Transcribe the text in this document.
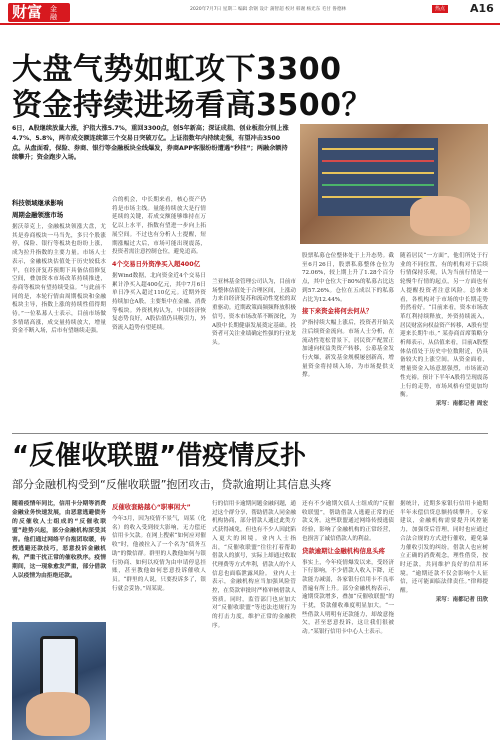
财富 金融
2020年7月7日 星期二 编辑 余钢 设计 蒲智超 校对 韩谢 杨光东 毛甘 鲁德林	热点 A16
大盘气势如虹攻下3300
资金持续进场看高3500？
6日，A股继续放量大涨，沪指大涨5.7%，重回3300点，创5年新高；深证成指、创业板指分别上涨4.7%、5.8%，两市成交额连续第三个交易日突破万亿。上证指数年内持续走强，有望冲击3500点。从盘面看，保险、券商、银行等金融板块全线爆发，券商APP客服纷纷遭遇“秒挂”；两融余额持续攀升；资金跑步入场。
科技领域继承影响
周期金融领涨市场
据沃蒂克上，金融板块领涨大盘，尤其是券商板块一马当先，多只个股涨停，保险、银行等板块也纷纷上涨，成为拉升指数的主要力量。市场人士表示，金融板块估值处于历史较低水平，在经济复苏预期下具备估值修复空间，叠加资本市场改革持续推进，券商等板块有望持续受益。“与此前不同的是，本轮行情由周期板块和金融板块主导，指数上涨的持续性值得期待。”一位私募人士表示，目前市场做多情绪高涨，成交量持续放大，增量资金不断入场，后市有望继续走强。
合的机会，中长期来看，核心资产仍将是市场主线。量能持续放大是行情延续的关键，若成交额能够维持在万亿以上水平，指数有望进一步向上拓展空间。不过也有分析人士提醒，短期涨幅过大后，市场可能出现震荡，投资者需注意控制仓位，避免追高。
4个交易日外资净买入超400亿
据Wind数据，北向资金近4个交易日累计净买入超400亿元，其中7月6日单日净买入超过110亿元。近期外资持续加仓A股，主要集中在金融、消费等板块。外资机构认为，中国经济恢复态势良好，A股估值仍具吸引力，外资流入趋势有望延续。
兰亚林基金管理公司认为，目前市场整体估值处于合理区间，上涨动力来自经济复苏和流动性宽松的双重驱动。近期政策面频频释放积极信号，资本市场改革不断深化，为A股中长期健康发展奠定基础。投资者可关注业绩确定性强的行业龙头。
股票私募仓位整体处于上升态势。截至6月26日，股票私募整体仓位为72.06%，较上期上升了1.28个百分点，其中仓位大于80%的私募占比达到57.26%。仓位在五成以下的私募占比为12.44%。
接下来资金将何去何从？
沪指持续大幅上涨后，投资者开始关注后续资金流向。市场人士分析，在流动性宽松背景下，居民资产配置正加速向权益类资产转移，公募基金发行火爆，新发基金规模屡创新高，增量资金将持续入场，为市场提供支撑。
随着居民“一方面”，他们所处于行业的不同位置，有的机构对于后续行情保持乐观，认为当前行情是一轮慢牛行情的起点，另一方面也有人提醒投资者注意风险。总体来看，各机构对于市场的中长期走势仍然看好。“目前来看，资本市场改革红利持续释放，外资持续流入，居民财富向权益资产转移，A股有望迎来长期牛市。” 某券商首席策略分析师表示，从估值来看，目前A股整体估值处于历史中位数附近，仍具备较大的上涨空间。从资金面看，增量资金入场意愿强烈，市场流动性充裕。预计下半年A股将呈现震荡上行的走势，市场风格有望更加均衡。
采写：南都记者 周宏
“反催收联盟”借疫情反扑
部分金融机构受到“反催收联盟”抱团攻击，贷款逾期让其信息头疼
随着疫情年同比，信用卡分期等消费金融业务快速发展，由恶意逃避债务的反催收人士组成的“反催收联盟”趁势兴起，部分金融机构深受其害。他们通过网络平台抱团取暖，传授逃避还款技巧，恶意投诉金融机构，严重干扰正常的催收秩序。疫情期间，这一现象愈发严重，部分借款人以疫情为由拒绝还款。
反催收套路越心“职事闲大”
今年3月，因为疫情不景气，周某（化名）的收入受到较大影响，无力偿还信用卡欠款。在网上搜索“如何应对催收”时，他被拉入了一个名为“债务互助”的微信群。群里的人教他如何与银行协商、如何以疫情为由申请停息挂账，甚至教他如何恶意投诉催收人员。“群里的人说，只要投诉多了，银行就会妥协。”周某说。
行的信用卡逾期问题金融问题，通过这个群分享，帮助借款人同金融机构协商，部分借款人通过此类方式获得减免，但也有不少人因此陷入更大的困境。业内人士指出，“反催收联盟”往往打着帮助借款人的旗号，实际上却通过收取代理费等方式牟利，借款人的个人信息也面临泄露风险。 业内人士表示，金融机构应当加强风险管控，在贷款审批时严格审核借款人资质。同时，监管部门也应加大对“反催收联盟”等违法违规行为的打击力度，维护正常的金融秩序。
还有不少逾期欠债人士组成的“反催收联盟”，帮助借款人逃避正常的还款义务。这些联盟通过网络传授逃债经验，影响了金融机构的正常经营，也损害了诚信借款人的利益。
贷款逾期让金融机构信息头疼
事实上，今年疫情爆发以来，受经济下行影响，不少借款人收入下降，还款能力减弱，各家银行信用卡不良率普遍有所上升。部分金融机构表示，逾期贷款增多，叠加“反催收联盟”的干扰，贷款催收难度明显加大。“一些借款人明明有还款能力，却故意拖欠，甚至恶意投诉，这让我们很被动。”某银行信用卡中心人士表示。
据统计，近期多家银行信用卡逾期半年未偿信贷总额持续攀升。专家建议，金融机构需要提升风控能力，加强贷后管理，同时也应通过合法合规的方式进行催收，避免暴力催收引发的纠纷。借款人也应树立正确的消费观念，理性借贷，按时还款，共同维护良好的信用环境。“逾期还款不仅会影响个人征信，还可能面临法律责任。”律师提醒。
采写：南都记者 田欣
